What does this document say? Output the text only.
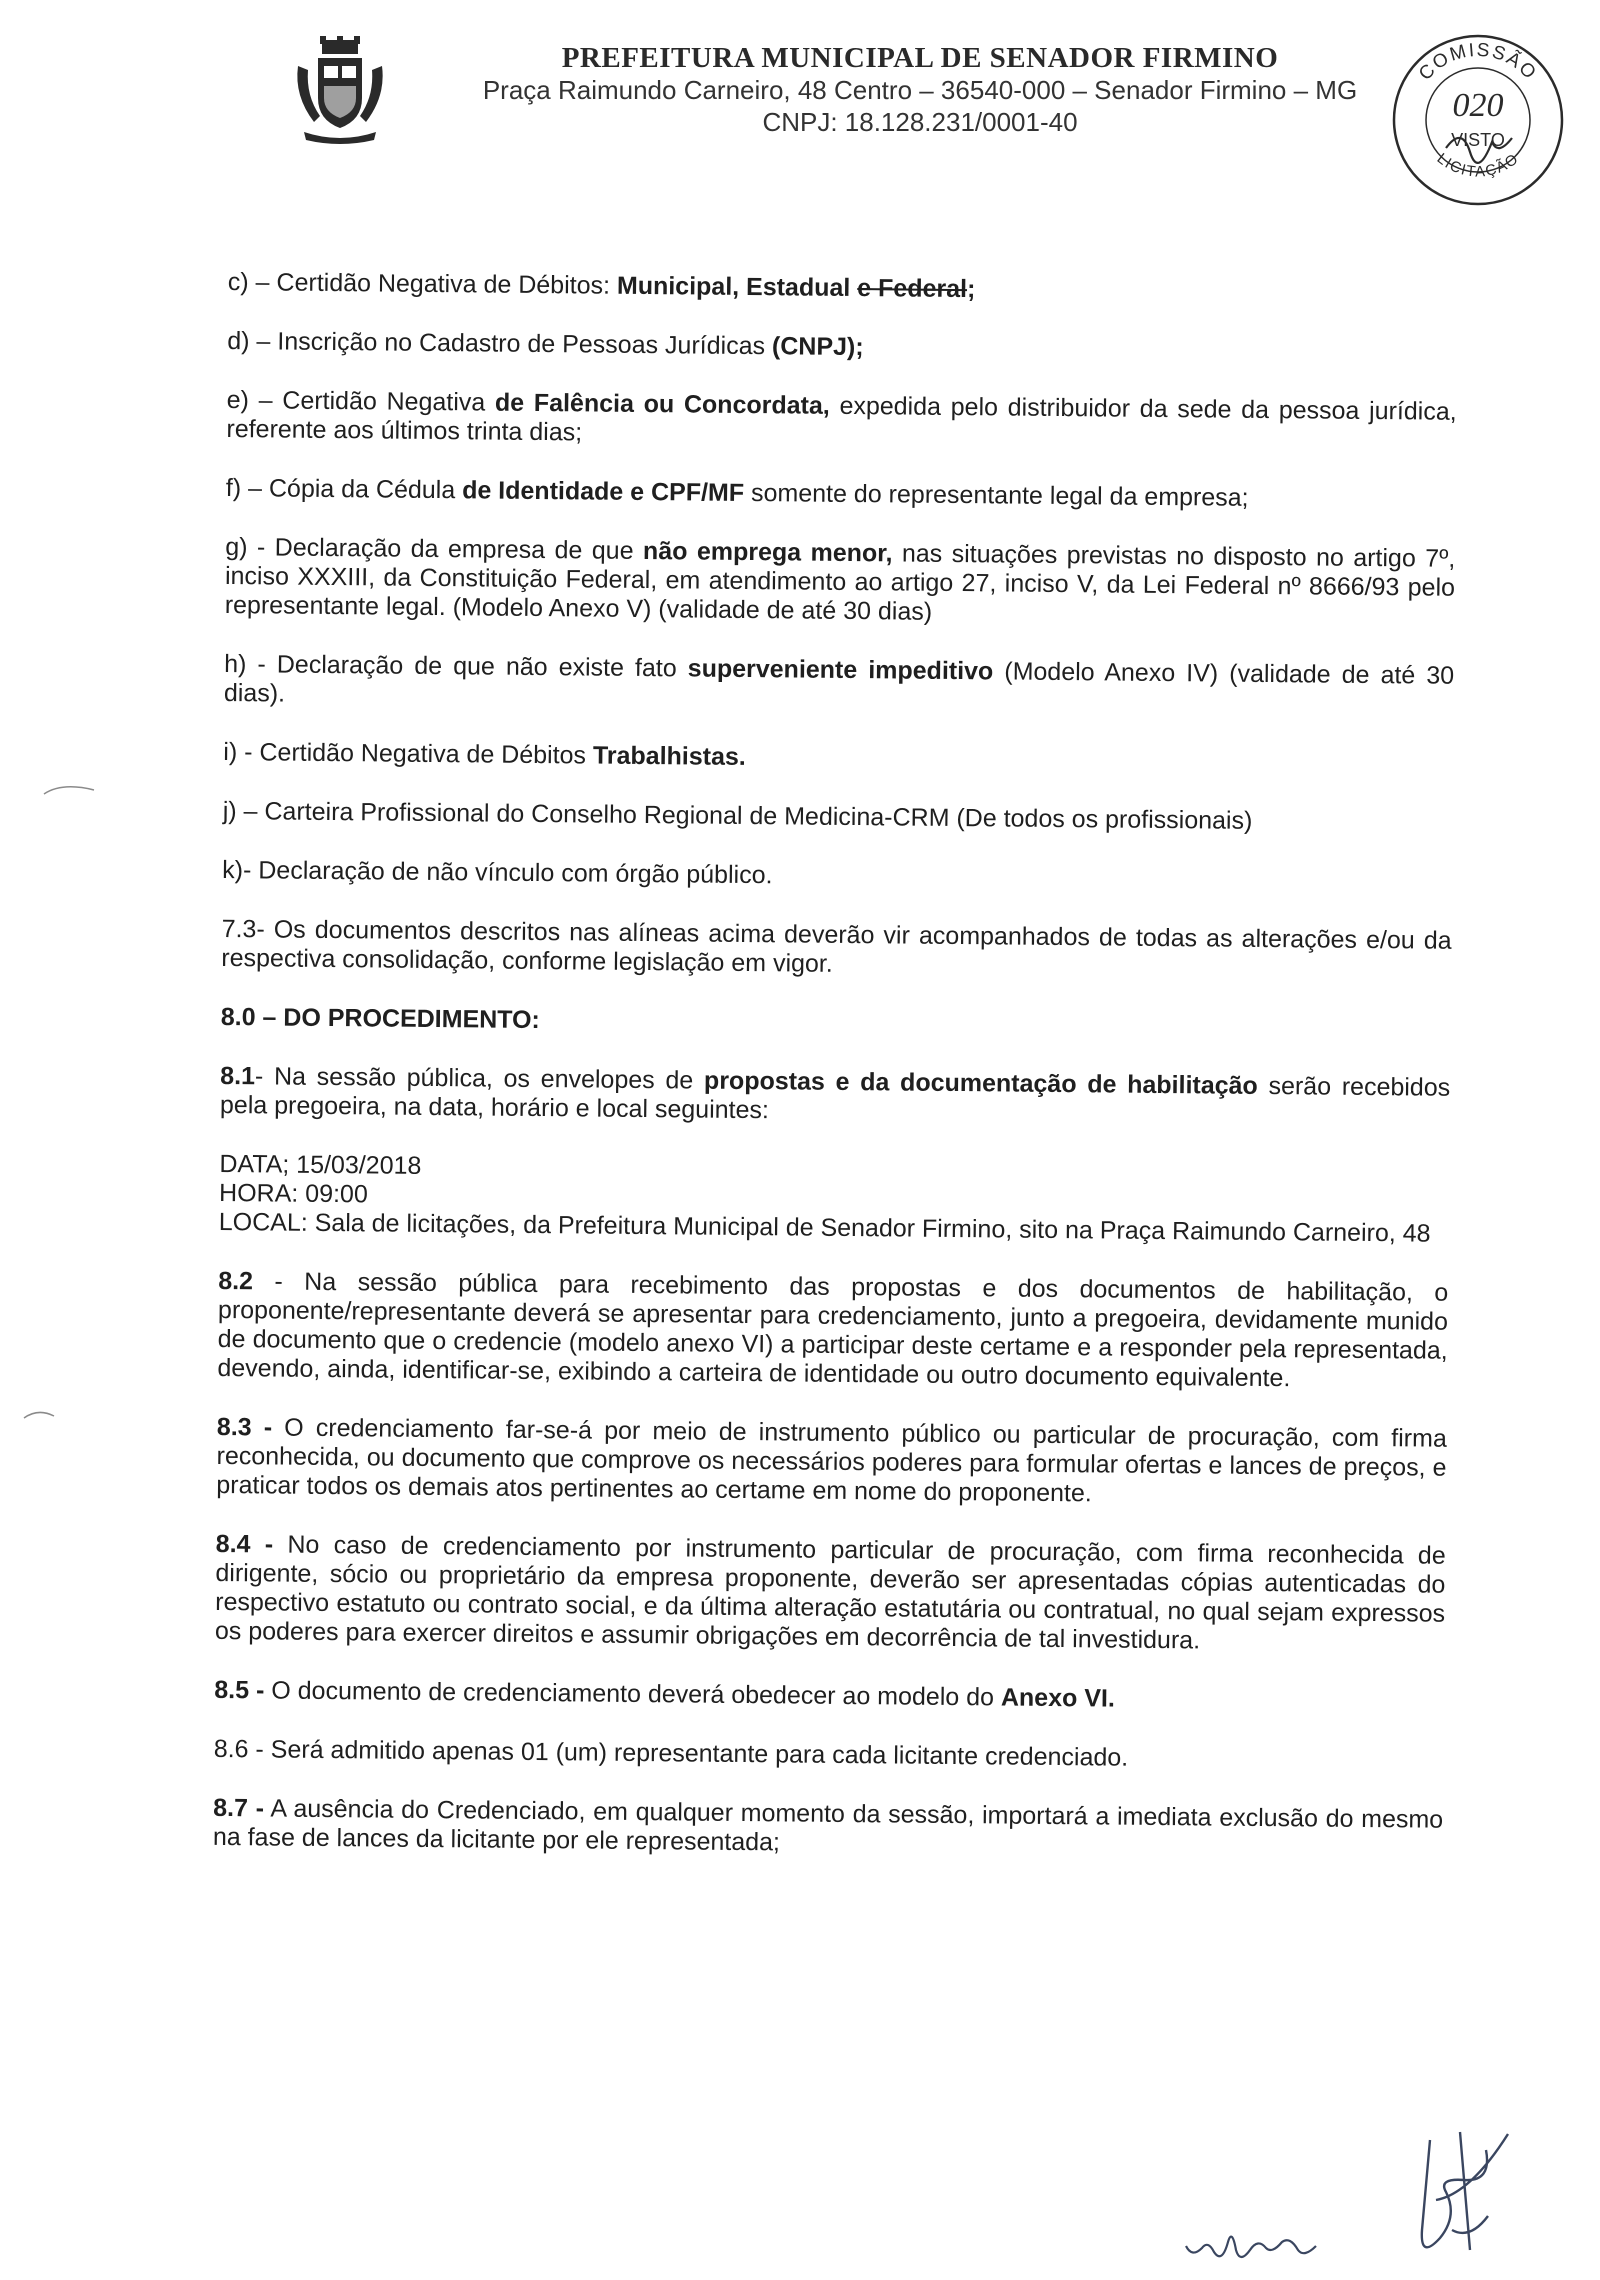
PREFEITURA MUNICIPAL DE SENADOR FIRMINO
Praça Raimundo Carneiro, 48 Centro – 36540-000 – Senador Firmino – MG
CNPJ: 18.128.231/0001-40
COMISSÃO
LICITAÇÃO
020
VISTO

c) – Certidão Negativa de Débitos: Municipal, Estadual e Federal;

d) – Inscrição no Cadastro de Pessoas Jurídicas (CNPJ);

e) – Certidão Negativa de Falência ou Concordata, expedida pelo distribuidor da sede da pessoa jurídica, referente aos últimos trinta dias;

f) – Cópia da Cédula de Identidade e CPF/MF somente do representante legal da empresa;

g) - Declaração da empresa de que não emprega menor, nas situações previstas no disposto no artigo 7º, inciso XXXIII, da Constituição Federal, em atendimento ao artigo 27, inciso V, da Lei Federal nº 8666/93 pelo representante legal. (Modelo Anexo V) (validade de até 30 dias)

h) - Declaração de que não existe fato superveniente impeditivo (Modelo Anexo IV) (validade de até 30 dias).

i) - Certidão Negativa de Débitos Trabalhistas.

j) – Carteira Profissional do Conselho Regional de Medicina-CRM (De todos os profissionais)

k)- Declaração de não vínculo com órgão público.

7.3- Os documentos descritos nas alíneas acima deverão vir acompanhados de todas as alterações e/ou da respectiva consolidação, conforme legislação em vigor.

8.0 – DO PROCEDIMENTO:

8.1- Na sessão pública, os envelopes de propostas e da documentação de habilitação serão recebidos pela pregoeira, na data, horário e local seguintes:

DATA; 15/03/2018

HORA: 09:00

LOCAL: Sala de licitações, da Prefeitura Municipal de Senador Firmino, sito na Praça Raimundo Carneiro, 48

8.2 - Na sessão pública para recebimento das propostas e dos documentos de habilitação, o proponente/representante deverá se apresentar para credenciamento, junto a pregoeira, devidamente munido de documento que o credencie (modelo anexo VI) a participar deste certame e a responder pela representada, devendo, ainda, identificar-se, exibindo a carteira de identidade ou outro documento equivalente.

8.3 - O credenciamento far-se-á por meio de instrumento público ou particular de procuração, com firma reconhecida, ou documento que comprove os necessários poderes para formular ofertas e lances de preços, e praticar todos os demais atos pertinentes ao certame em nome do proponente.

8.4 - No caso de credenciamento por instrumento particular de procuração, com firma reconhecida de dirigente, sócio ou proprietário da empresa proponente, deverão ser apresentadas cópias autenticadas do respectivo estatuto ou contrato social, e da última alteração estatutária ou contratual, no qual sejam expressos os poderes para exercer direitos e assumir obrigações em decorrência de tal investidura.

8.5 - O documento de credenciamento deverá obedecer ao modelo do Anexo VI.

8.6 - Será admitido apenas 01 (um) representante para cada licitante credenciado.

8.7 - A ausência do Credenciado, em qualquer momento da sessão, importará a imediata exclusão do mesmo na fase de lances da licitante por ele representada;
